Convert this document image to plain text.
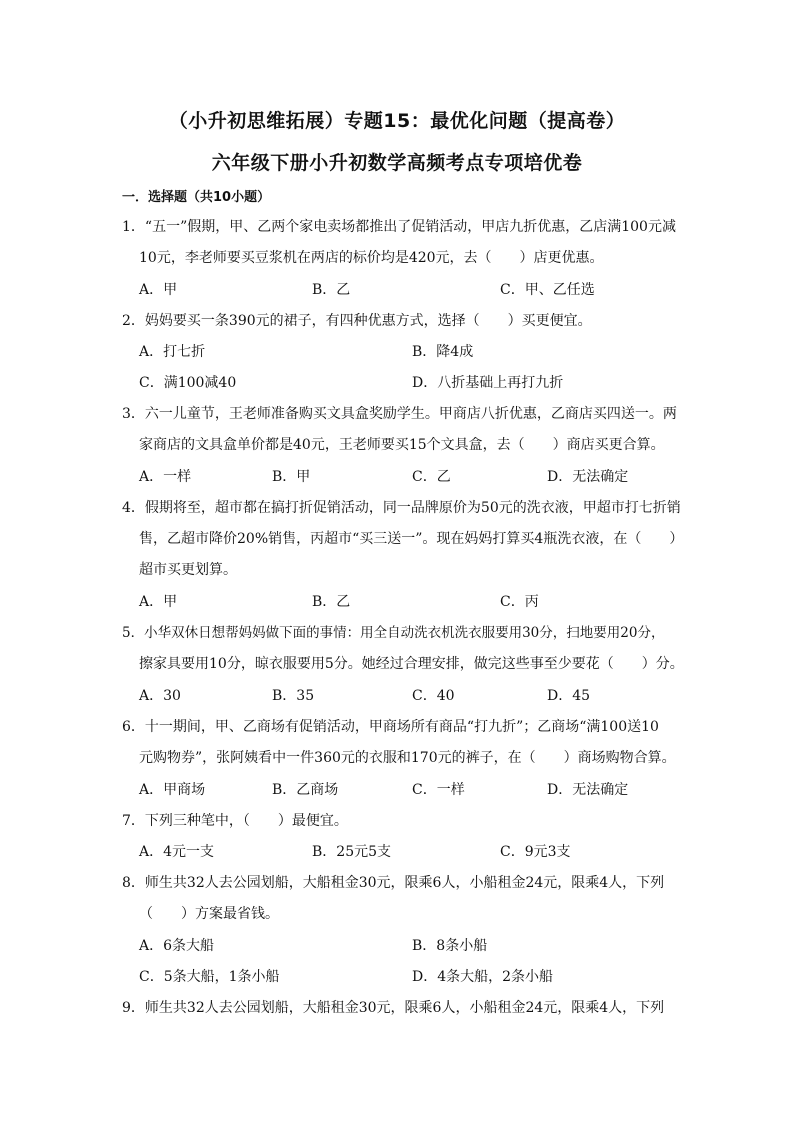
（小升初思维拓展）专题15：最优化问题（提高卷）
六年级下册小升初数学高频考点专项培优卷
一．选择题（共10小题）
1．“五一”假期，甲、乙两个家电卖场都推出了促销活动，甲店九折优惠，乙店满100元减
10元，李老师要买豆浆机在两店的标价均是420元，去（　　）店更优惠。
A．甲	B．乙	C．甲、乙任选
2．妈妈要买一条390元的裙子，有四种优惠方式，选择（　　）买更便宜。
A．打七折	B．降4成
C．满100减40	D．八折基础上再打九折
3．六一儿童节，王老师准备购买文具盒奖励学生。甲商店八折优惠，乙商店买四送一。两
家商店的文具盒单价都是40元，王老师要买15个文具盒，去（　　）商店买更合算。
A．一样	B．甲	C．乙	D．无法确定
4．假期将至，超市都在搞打折促销活动，同一品牌原价为50元的洗衣液，甲超市打七折销
售，乙超市降价20%销售，丙超市“买三送一”。现在妈妈打算买4瓶洗衣液，在（　　）
超市买更划算。
A．甲	B．乙	C．丙
5．小华双休日想帮妈妈做下面的事情：用全自动洗衣机洗衣服要用30分，扫地要用20分，
擦家具要用10分，晾衣服要用5分。她经过合理安排，做完这些事至少要花（　　）分。
A．30	B．35	C．40	D．45
6．十一期间，甲、乙商场有促销活动，甲商场所有商品“打九折”；乙商场“满100送10
元购物券”，张阿姨看中一件360元的衣服和170元的裤子，在（　　）商场购物合算。
A．甲商场	B．乙商场	C．一样	D．无法确定
7．下列三种笔中，（　　）最便宜。
A．4元一支	B．25元5支	C．9元3支
8．师生共32人去公园划船，大船租金30元，限乘6人，小船租金24元，限乘4人，下列
（　　）方案最省钱。
A．6条大船	B．8条小船
C．5条大船，1条小船	D．4条大船，2条小船
9．师生共32人去公园划船，大船租金30元，限乘6人，小船租金24元，限乘4人，下列
